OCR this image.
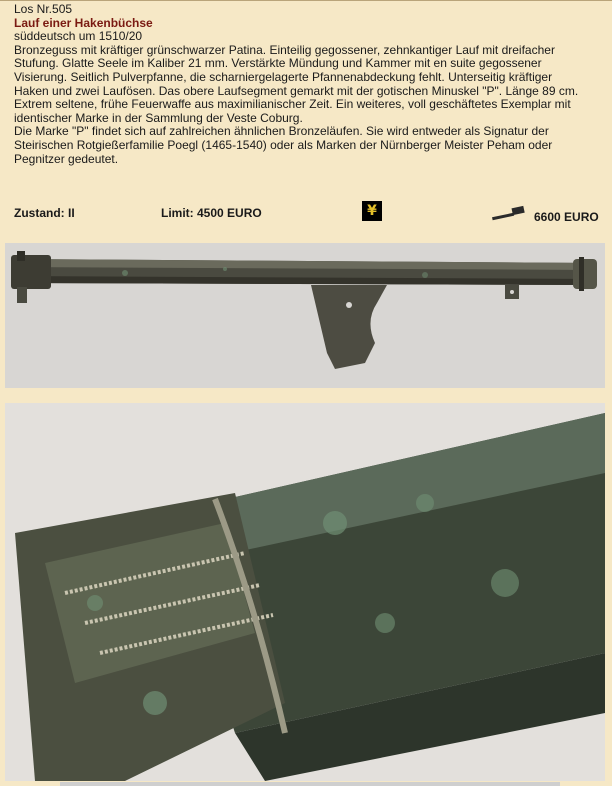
Los Nr.505

Lauf einer Hakenbüchse

süddeutsch um 1510/20

Bronzeguss mit kräftiger grünschwarzer Patina. Einteilig gegossener, zehnkantiger Lauf mit dreifacher

Stufung. Glatte Seele im Kaliber 21 mm. Verstärkte Mündung und Kammer mit en suite gegossener

Visierung. Seitlich Pulverpfanne, die scharniergelagerte Pfannenabdeckung fehlt. Unterseitig kräftiger

Haken und zwei Laufösen. Das obere Laufsegment gemarkt mit der gotischen Minuskel "P". Länge 89 cm.

Extrem seltene, frühe Feuerwaffe aus maximilianischer Zeit. Ein weiteres, voll geschäftetes Exemplar mit

identischer Marke in der Sammlung der Veste Coburg.

Die Marke "P" findet sich auf zahlreichen ähnlichen Bronzeläufen. Sie wird entweder als Signatur der

Steirischen Rotgießerfamilie Poegl (1465-1540) oder als Marken der Nürnberger Meister Peham oder

Pegnitzer gedeutet.

Zustand: II	Limit: 4500 EURO	¥	6600 EURO
